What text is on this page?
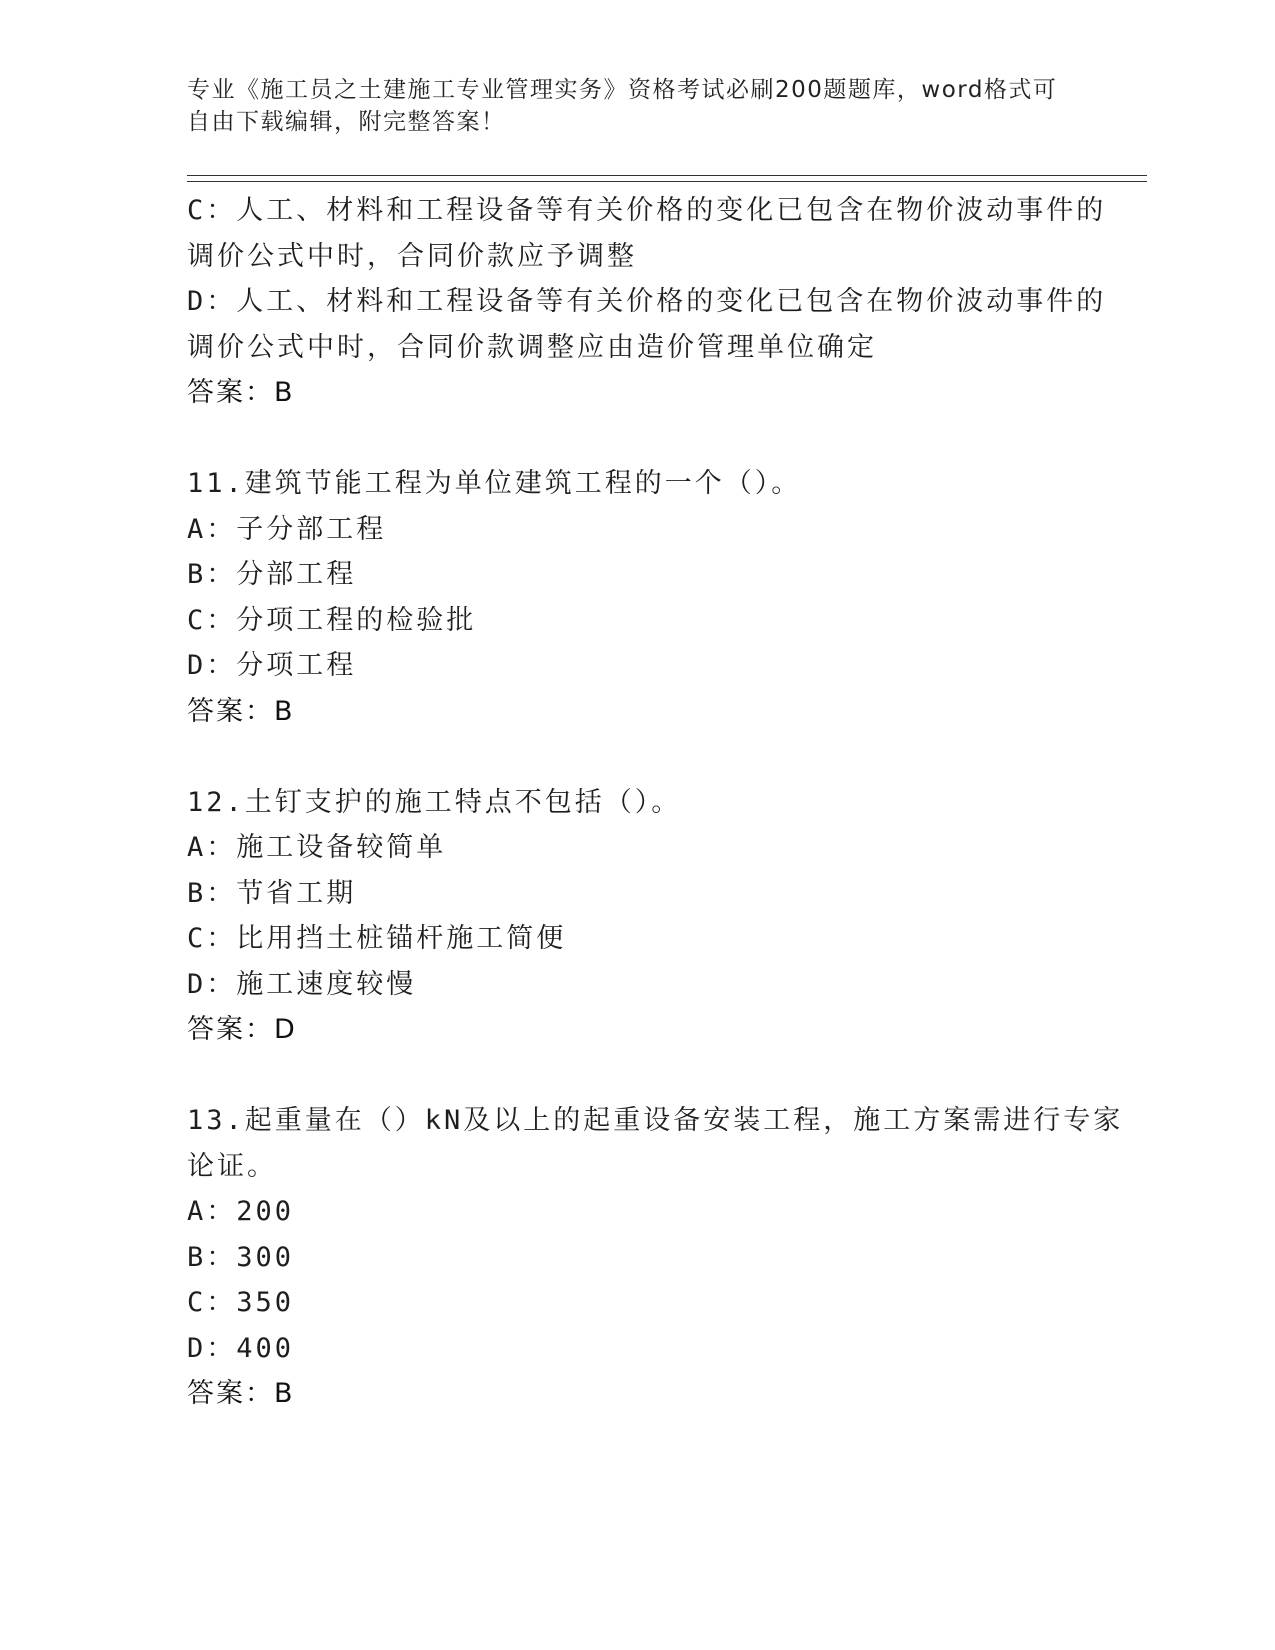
专业《施工员之土建施工专业管理实务》资格考试必刷200题题库，word格式可
自由下载编辑，附完整答案！
C：人工、材料和工程设备等有关价格的变化已包含在物价波动事件的
调价公式中时，合同价款应予调整
D：人工、材料和工程设备等有关价格的变化已包含在物价波动事件的
调价公式中时，合同价款调整应由造价管理单位确定
答案：B
11.建筑节能工程为单位建筑工程的一个（）。
A：子分部工程
B：分部工程
C：分项工程的检验批
D：分项工程
答案：B
12.土钉支护的施工特点不包括（）。
A：施工设备较简单
B：节省工期
C：比用挡土桩锚杆施工简便
D：施工速度较慢
答案：D
13.起重量在（）kN及以上的起重设备安装工程，施工方案需进行专家
论证。
A：200
B：300
C：350
D：400
答案：B
